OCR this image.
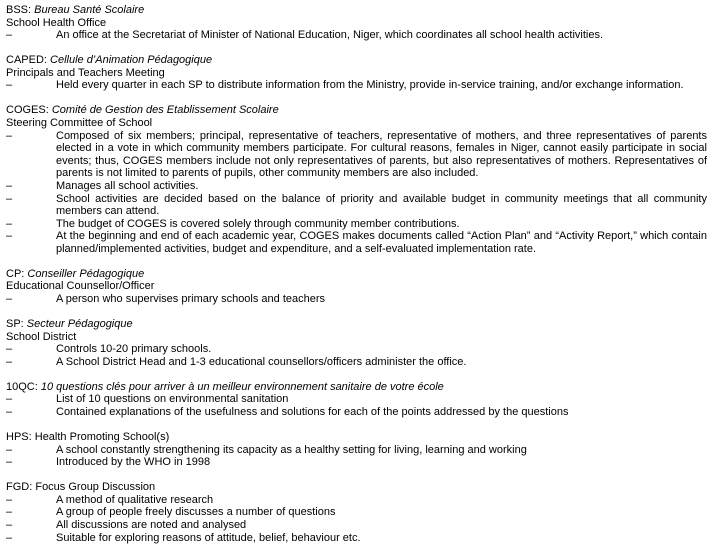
BSS: Bureau Santé Scolaire
School Health Office
–	An office at the Secretariat of Minister of National Education, Niger, which coordinates all school health activities.
CAPED: Cellule d’Animation Pédagogique
Principals and Teachers Meeting
–	Held every quarter in each SP to distribute information from the Ministry, provide in-service training, and/or exchange information.
COGES: Comité de Gestion des Etablissement Scolaire
Steering Committee of School
–	Composed of six members; principal, representative of teachers, representative of mothers, and three representatives of parents elected in a vote in which community members participate. For cultural reasons, females in Niger, cannot easily participate in social events; thus, COGES members include not only representatives of parents, but also representatives of mothers. Representatives of parents is not limited to parents of pupils, other community members are also included.
–	Manages all school activities.
–	School activities are decided based on the balance of priority and available budget in community meetings that all community members can attend.
–	The budget of COGES is covered solely through community member contributions.
–	At the beginning and end of each academic year, COGES makes documents called “Action Plan” and “Activity Report,” which contain planned/implemented activities, budget and expenditure, and a self-evaluated implementation rate.
CP: Conseiller Pédagogique
Educational Counsellor/Officer
–	A person who supervises primary schools and teachers
SP: Secteur Pédagogique
School District
–	Controls 10-20 primary schools.
–	A School District Head and 1-3 educational counsellors/officers administer the office.
10QC: 10 questions clés pour arriver à un meilleur environnement sanitaire de votre école
–	List of 10 questions on environmental sanitation
–	Contained explanations of the usefulness and solutions for each of the points addressed by the questions
HPS: Health Promoting School(s)
–	A school constantly strengthening its capacity as a healthy setting for living, learning and working
–	Introduced by the WHO in 1998
FGD: Focus Group Discussion
–	A method of qualitative research
–	A group of people freely discusses a number of questions
–	All discussions are noted and analysed
–	Suitable for exploring reasons of attitude, belief, behaviour etc.
